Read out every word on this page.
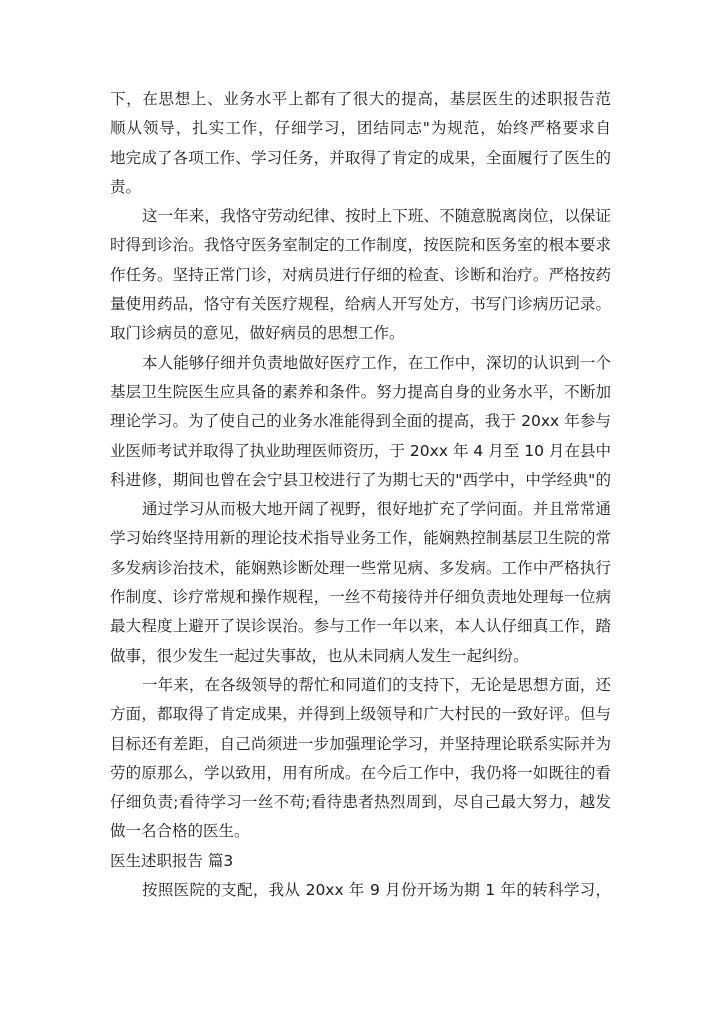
下，在思想上、业务水平上都有了很大的提高，基层医生的述职报告范
顺从领导，扎实工作，仔细学习，团结同志"为规范，始终严格要求自
地完成了各项工作、学习任务，并取得了肯定的成果，全面履行了医生的
责。
这一年来，我恪守劳动纪律、按时上下班、不随意脱离岗位，以保证
时得到诊治。我恪守医务室制定的工作制度，按医院和医务室的根本要求
作任务。坚持正常门诊，对病员进行仔细的检查、诊断和治疗。严格按药
量使用药品，恪守有关医疗规程，给病人开写处方，书写门诊病历记录。
取门诊病员的意见，做好病员的思想工作。
本人能够仔细并负责地做好医疗工作，在工作中，深切的认识到一个
基层卫生院医生应具备的素养和条件。努力提高自身的业务水平，不断加
理论学习。为了使自己的业务水准能得到全面的提高，我于 20xx 年参与
业医师考试并取得了执业助理医师资历，于 20xx 年 4 月至 10 月在县中
科进修，期间也曾在会宁县卫校进行了为期七天的"西学中，中学经典"的
通过学习从而极大地开阔了视野，很好地扩充了学问面。并且常常通
学习始终坚持用新的理论技术指导业务工作，能娴熟控制基层卫生院的常
多发病诊治技术，能娴熟诊断处理一些常见病、多发病。工作中严格执行
作制度、诊疗常规和操作规程，一丝不苟接待并仔细负责地处理每一位病
最大程度上避开了误诊误治。参与工作一年以来，本人认仔细真工作，踏
做事，很少发生一起过失事故，也从未同病人发生一起纠纷。
一年来，在各级领导的帮忙和同道们的支持下，无论是思想方面，还
方面，都取得了肯定成果，并得到上级领导和广大村民的一致好评。但与
目标还有差距，自己尚须进一步加强理论学习，并坚持理论联系实际并为
劳的原那么，学以致用，用有所成。在今后工作中，我仍将一如既往的看
仔细负责;看待学习一丝不苟;看待患者热烈周到，尽自己最大努力，越发
做一名合格的医生。
医生述职报告 篇3
按照医院的支配，我从 20xx 年 9 月份开场为期 1 年的转科学习，
